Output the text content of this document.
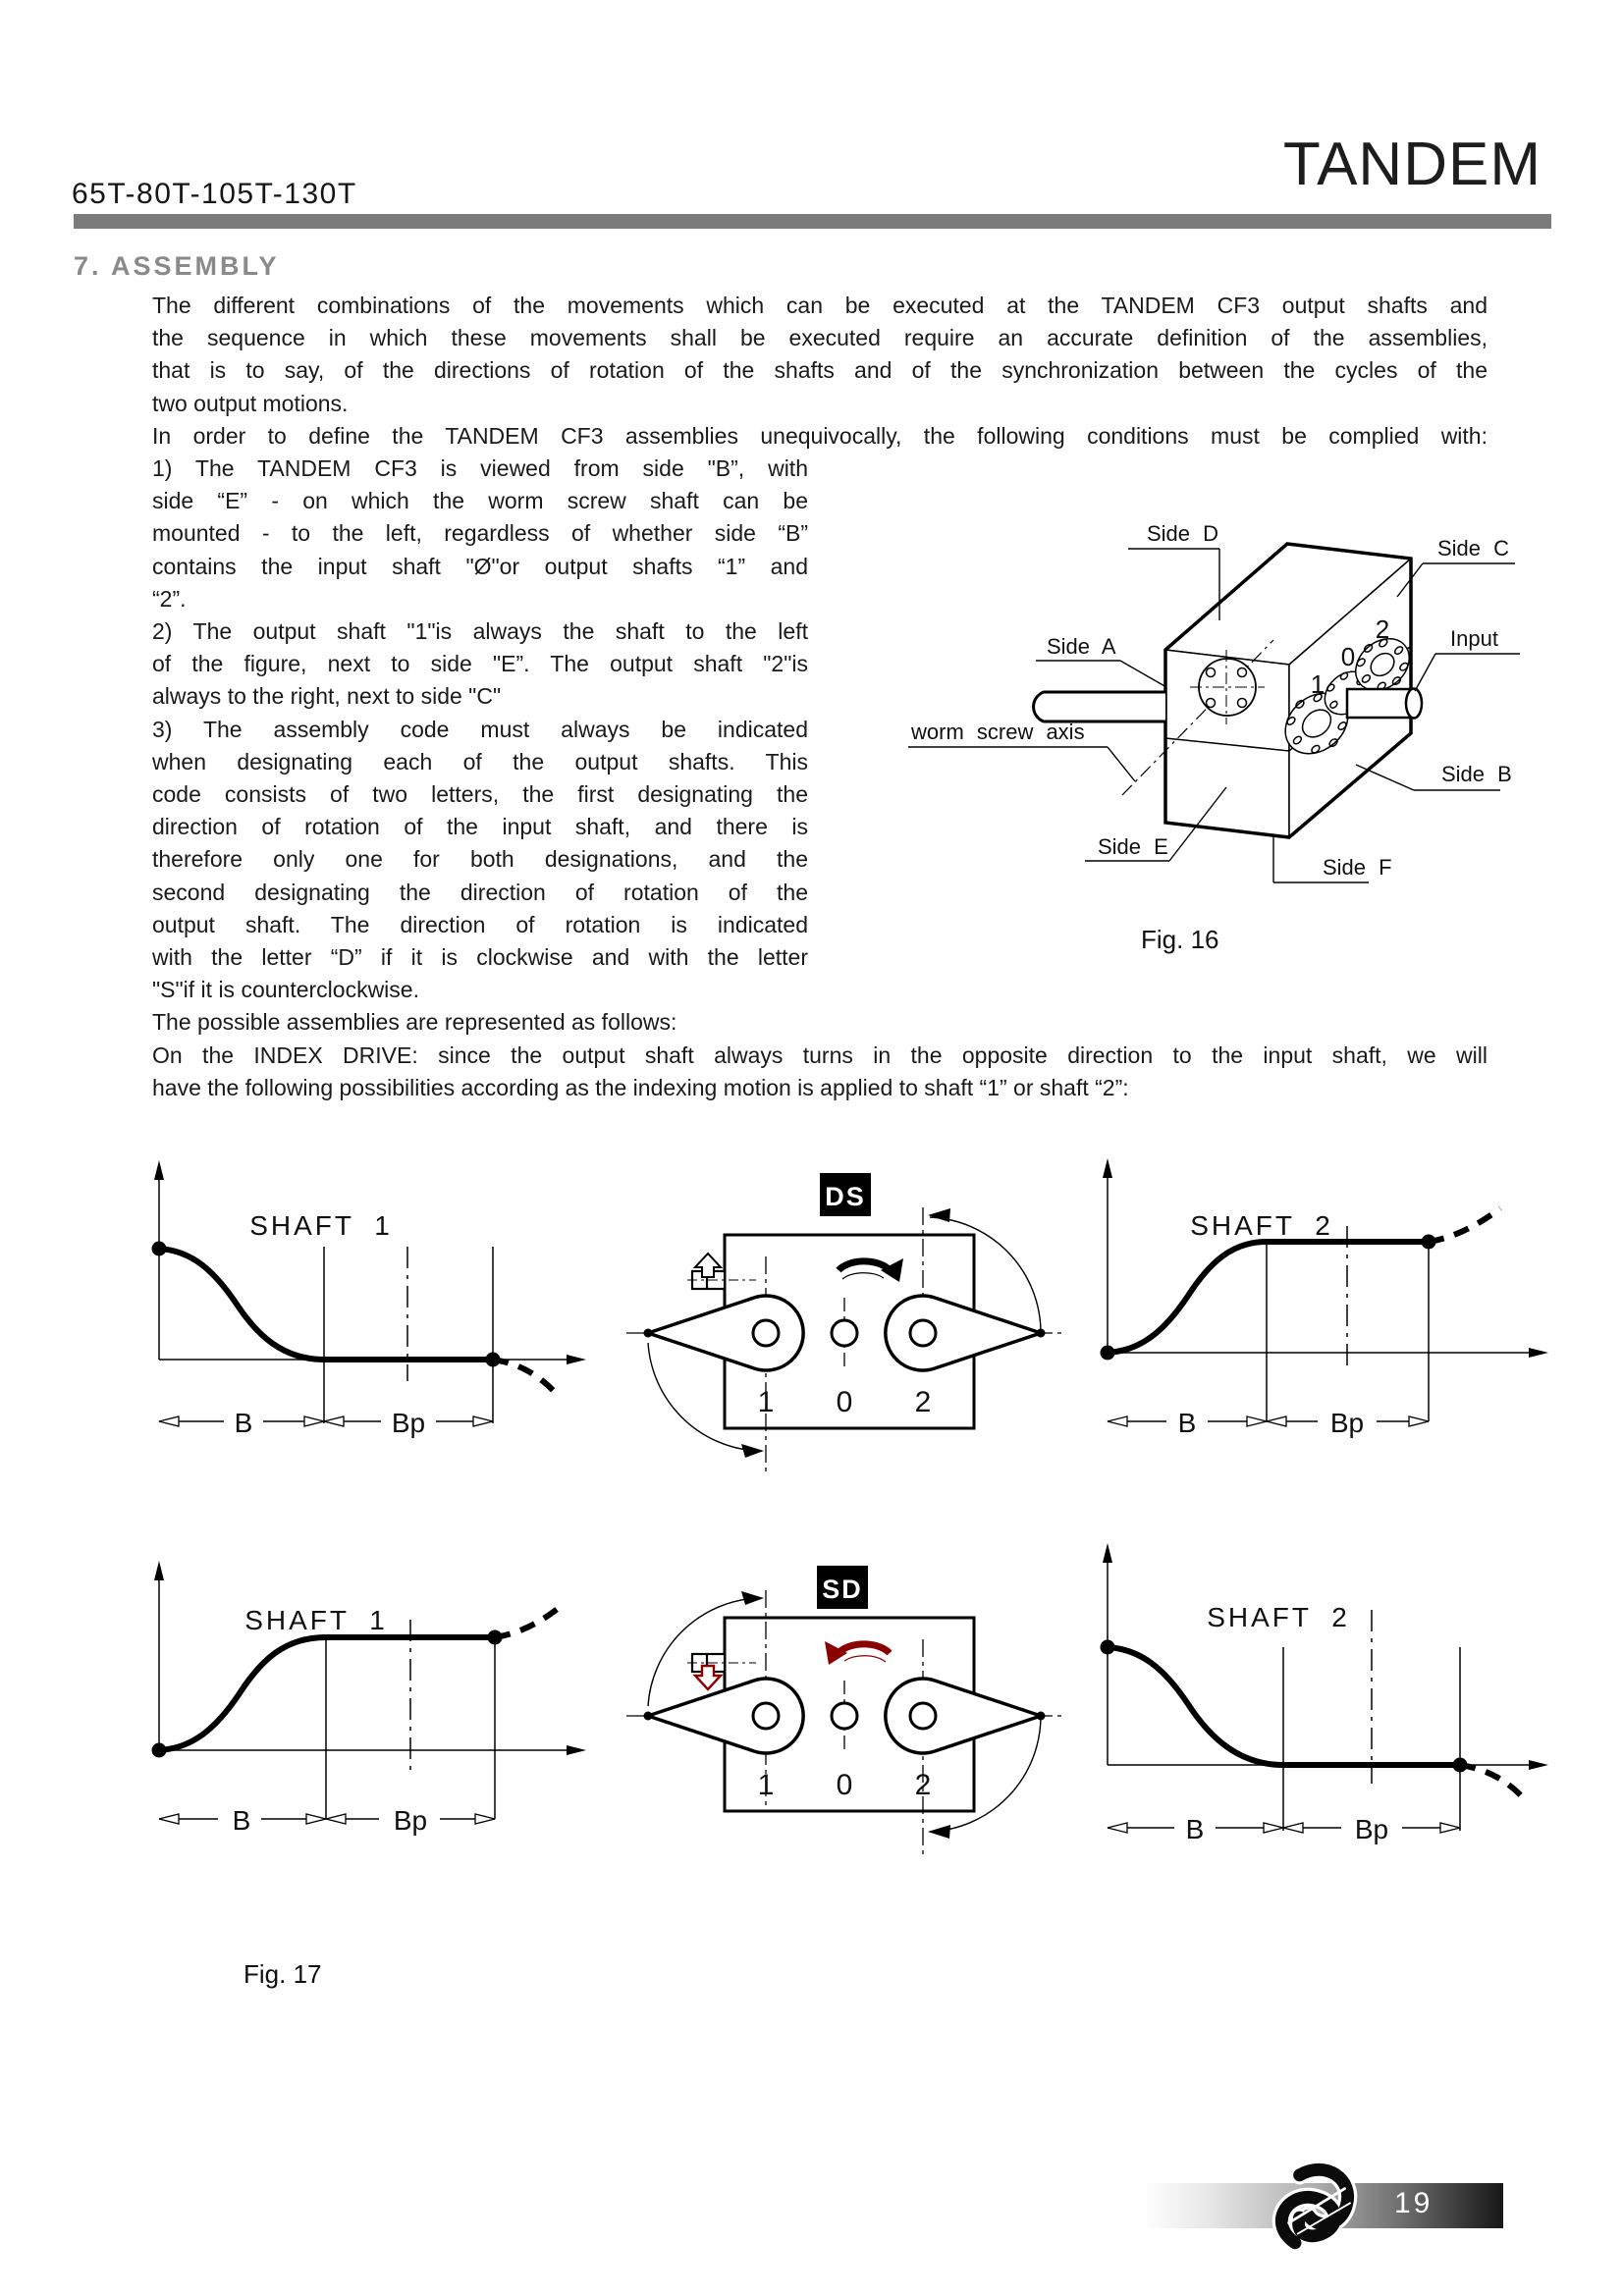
65T-80T-105T-130T	TANDEM
7. ASSEMBLY
The different combinations of the movements which can be executed at the TANDEM CF3 output shafts and
the sequence in which these movements shall be executed require an accurate definition of the assemblies,
that is to say, of the directions of rotation of the shafts and of the synchronization between the cycles of the
two output motions.
In order to define the TANDEM CF3 assemblies unequivocally, the following conditions must be complied with:
1) The TANDEM CF3 is viewed from side "B”, with
side “E” - on which the worm screw shaft can be
mounted - to the left, regardless of whether side “B”
contains the input shaft "Ø"or output shafts “1” and
“2”.
2) The output shaft "1"is always the shaft to the left
of the figure, next to side "E”. The output shaft "2"is
always to the right, next to side "C"
3) The assembly code must always be indicated
when designating each of the output shafts. This
code consists of two letters, the first designating the
direction of rotation of the input shaft, and there is
therefore only one for both designations, and the
second designating the direction of rotation of the
output shaft. The direction of rotation is indicated
with the letter “D” if it is clockwise and with the letter
"S"if it is counterclockwise.
The possible assemblies are represented as follows:
On the INDEX DRIVE: since the output shaft always turns in the opposite direction to the input shaft, we will
have the following possibilities according as the indexing motion is applied to shaft “1” or shaft “2”:
Side D
Side C
Side A	Input
worm screw axis
Side B
Side E
Side F
1
0
2
Fig. 16
SHAFT 1
B	Bp
DS
1 0 2
SHAFT 2
B	Bp
SHAFT 1
B	Bp
SD
1 0 2
SHAFT 2
B	Bp
Fig. 17
19
